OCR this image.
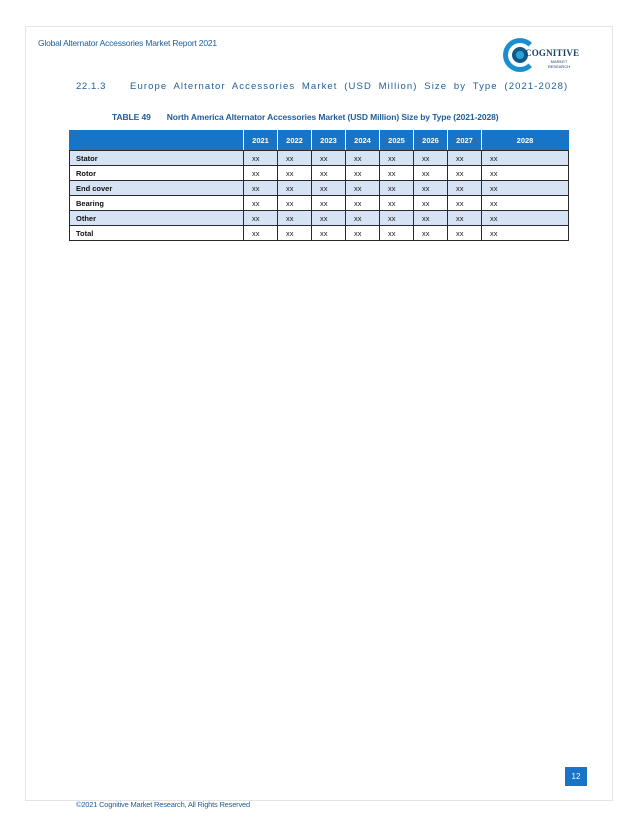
Global Alternator Accessories Market Report 2021
COGNITIVE
MARKET RESEARCH
22.1.3	Europe Alternator Accessories Market (USD Million) Size by Type (2021-2028)
TABLE 49 North America Alternator Accessories Market (USD Million) Size by Type (2021-2028)
	2021	2022	2023	2024	2025	2026	2027	2028
Stator	xx	xx	xx	xx	xx	xx	xx	xx
Rotor	xx	xx	xx	xx	xx	xx	xx	xx
End cover	xx	xx	xx	xx	xx	xx	xx	xx
Bearing	xx	xx	xx	xx	xx	xx	xx	xx
Other	xx	xx	xx	xx	xx	xx	xx	xx
Total	xx	xx	xx	xx	xx	xx	xx	xx
12
©2021 Cognitive Market Research, All Rights Reserved
